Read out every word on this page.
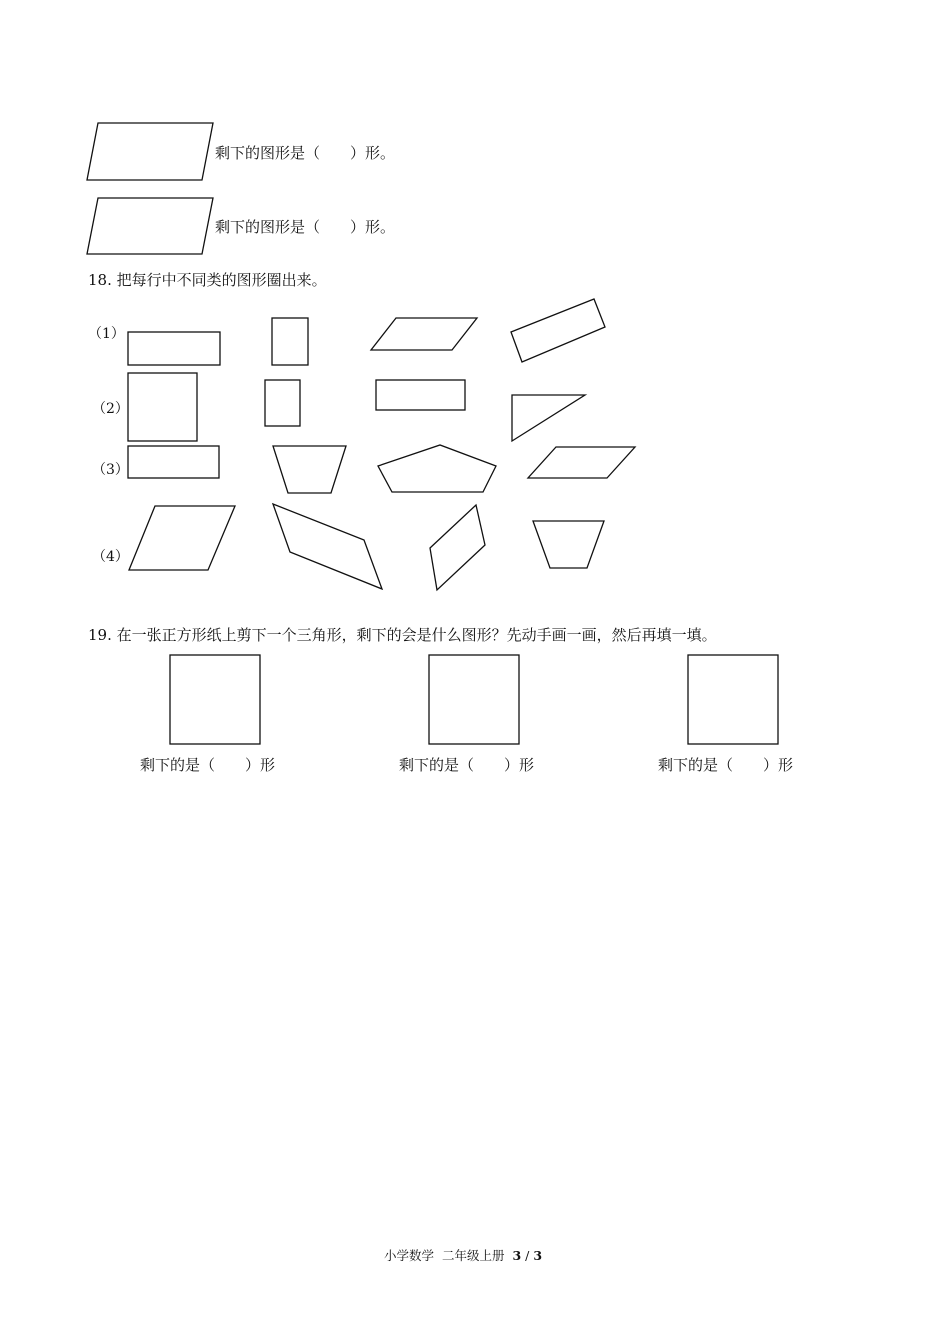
剩下的图形是（　　）形。
剩下的图形是（　　）形。
18. 把每行中不同类的图形圈出来。
（1）
（2）
（3）
（4）
19. 在一张正方形纸上剪下一个三角形，剩下的会是什么图形？先动手画一画，然后再填一填。
剩下的是（　　）形	剩下的是（　　）形	剩下的是（　　）形
小学数学 二年级上册 3 / 3
